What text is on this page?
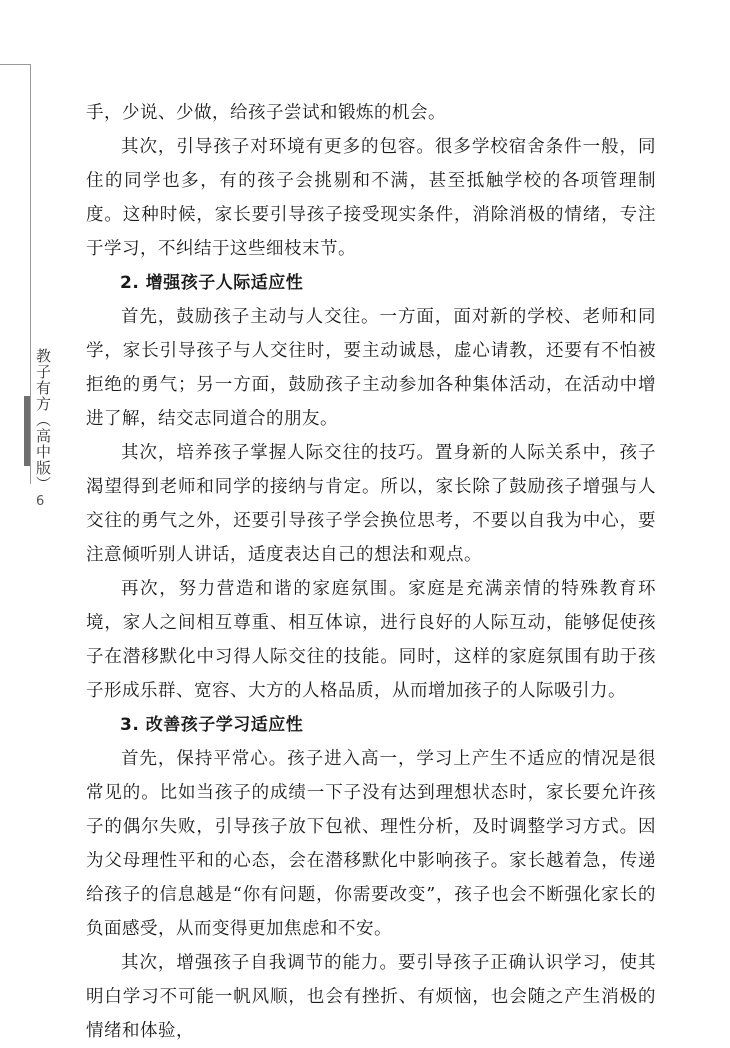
教子有方（高中版）
6

手，少说、少做，给孩子尝试和锻炼的机会。

其次，引导孩子对环境有更多的包容。很多学校宿舍条件一般，同住的同学也多，有的孩子会挑剔和不满，甚至抵触学校的各项管理制度。这种时候，家长要引导孩子接受现实条件，消除消极的情绪，专注于学习，不纠结于这些细枝末节。

2. 增强孩子人际适应性

首先，鼓励孩子主动与人交往。一方面，面对新的学校、老师和同学，家长引导孩子与人交往时，要主动诚恳，虚心请教，还要有不怕被拒绝的勇气；另一方面，鼓励孩子主动参加各种集体活动，在活动中增进了解，结交志同道合的朋友。

其次，培养孩子掌握人际交往的技巧。置身新的人际关系中，孩子渴望得到老师和同学的接纳与肯定。所以，家长除了鼓励孩子增强与人交往的勇气之外，还要引导孩子学会换位思考，不要以自我为中心，要注意倾听别人讲话，适度表达自己的想法和观点。

再次，努力营造和谐的家庭氛围。家庭是充满亲情的特殊教育环境，家人之间相互尊重、相互体谅，进行良好的人际互动，能够促使孩子在潜移默化中习得人际交往的技能。同时，这样的家庭氛围有助于孩子形成乐群、宽容、大方的人格品质，从而增加孩子的人际吸引力。

3. 改善孩子学习适应性

首先，保持平常心。孩子进入高一，学习上产生不适应的情况是很常见的。比如当孩子的成绩一下子没有达到理想状态时，家长要允许孩子的偶尔失败，引导孩子放下包袱、理性分析，及时调整学习方式。因为父母理性平和的心态，会在潜移默化中影响孩子。家长越着急，传递给孩子的信息越是“你有问题，你需要改变”，孩子也会不断强化家长的负面感受，从而变得更加焦虑和不安。

其次，增强孩子自我调节的能力。要引导孩子正确认识学习，使其明白学习不可能一帆风顺，也会有挫折、有烦恼，也会随之产生消极的情绪和体验，
